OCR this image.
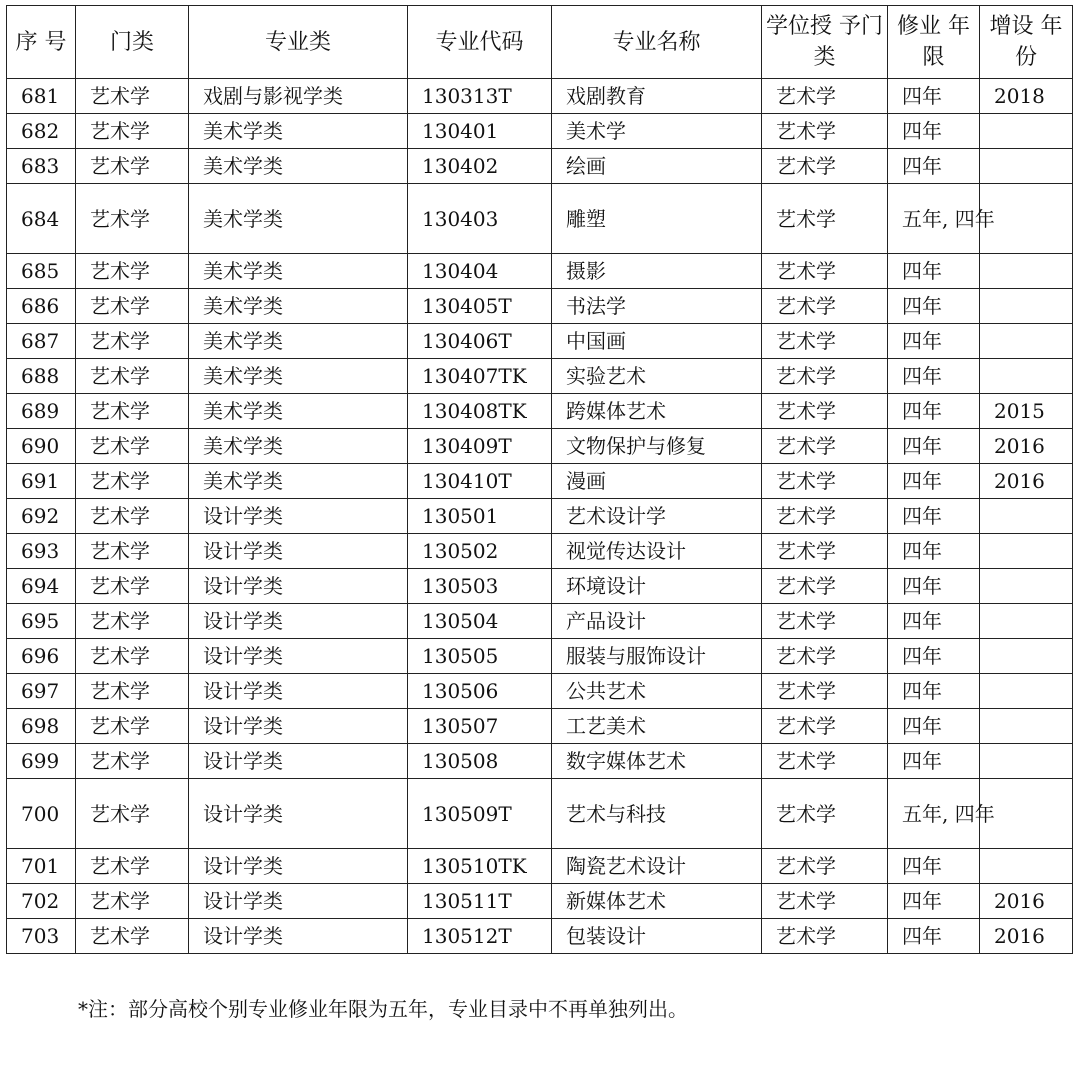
序 号	门类	专业类	专业代码	专业名称	学位授 予门类	修业 年限	增设 年份
681	艺术学	戏剧与影视学类	130313T	戏剧教育	艺术学	四年	2018
682	艺术学	美术学类	130401	美术学	艺术学	四年	
683	艺术学	美术学类	130402	绘画	艺术学	四年	
684	艺术学	美术学类	130403	雕塑	艺术学	五年, 四年	
685	艺术学	美术学类	130404	摄影	艺术学	四年	
686	艺术学	美术学类	130405T	书法学	艺术学	四年	
687	艺术学	美术学类	130406T	中国画	艺术学	四年	
688	艺术学	美术学类	130407TK	实验艺术	艺术学	四年	
689	艺术学	美术学类	130408TK	跨媒体艺术	艺术学	四年	2015
690	艺术学	美术学类	130409T	文物保护与修复	艺术学	四年	2016
691	艺术学	美术学类	130410T	漫画	艺术学	四年	2016
692	艺术学	设计学类	130501	艺术设计学	艺术学	四年	
693	艺术学	设计学类	130502	视觉传达设计	艺术学	四年	
694	艺术学	设计学类	130503	环境设计	艺术学	四年	
695	艺术学	设计学类	130504	产品设计	艺术学	四年	
696	艺术学	设计学类	130505	服装与服饰设计	艺术学	四年	
697	艺术学	设计学类	130506	公共艺术	艺术学	四年	
698	艺术学	设计学类	130507	工艺美术	艺术学	四年	
699	艺术学	设计学类	130508	数字媒体艺术	艺术学	四年	
700	艺术学	设计学类	130509T	艺术与科技	艺术学	五年, 四年	
701	艺术学	设计学类	130510TK	陶瓷艺术设计	艺术学	四年	
702	艺术学	设计学类	130511T	新媒体艺术	艺术学	四年	2016
703	艺术学	设计学类	130512T	包装设计	艺术学	四年	2016
*注：部分高校个别专业修业年限为五年，专业目录中不再单独列出。
